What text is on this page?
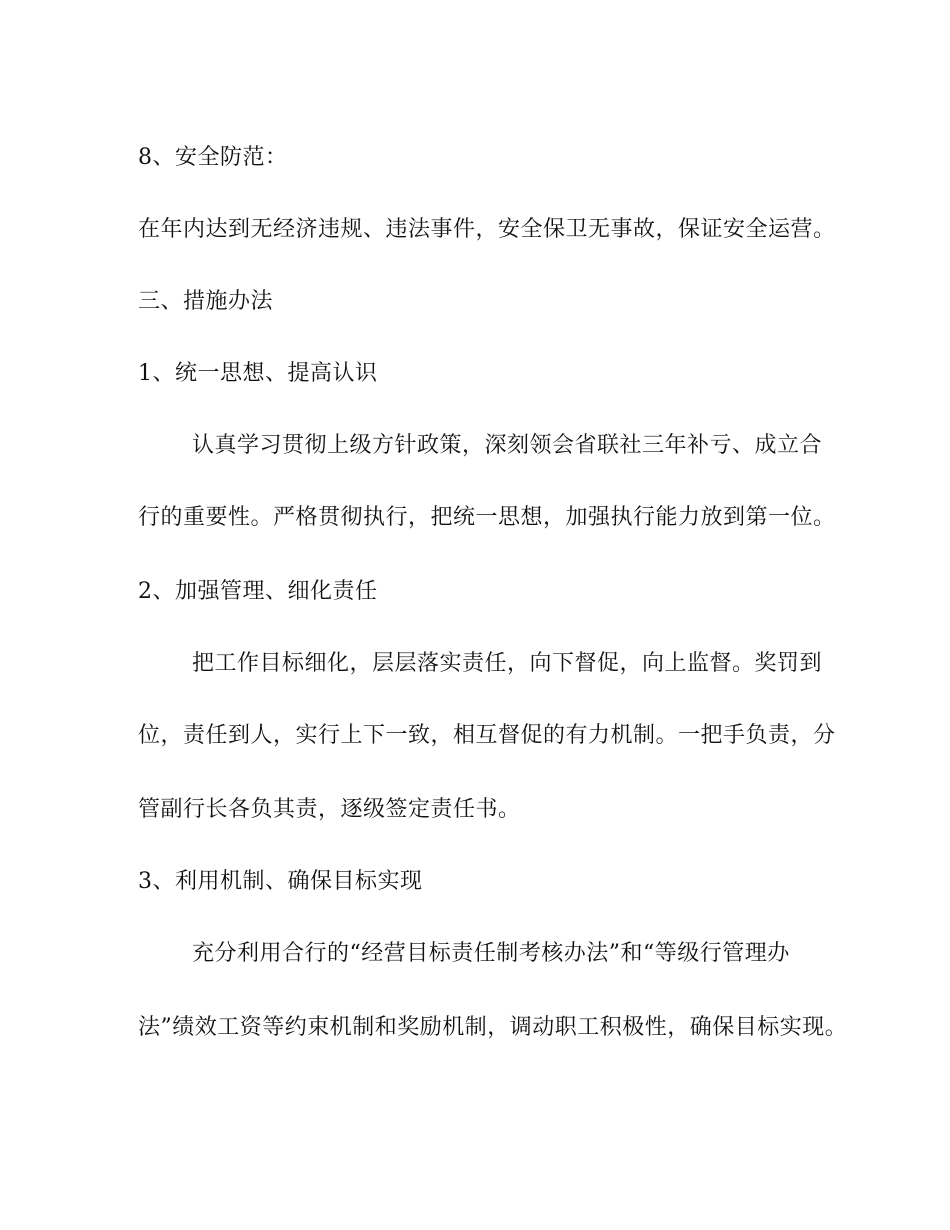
8、安全防范：
在年内达到无经济违规、违法事件，安全保卫无事故，保证安全运营。
三、措施办法
1、统一思想、提高认识
认真学习贯彻上级方针政策，深刻领会省联社三年补亏、成立合
行的重要性。严格贯彻执行，把统一思想，加强执行能力放到第一位。
2、加强管理、细化责任
把工作目标细化，层层落实责任，向下督促，向上监督。奖罚到
位，责任到人，实行上下一致，相互督促的有力机制。一把手负责，分
管副行长各负其责，逐级签定责任书。
3、利用机制、确保目标实现
充分利用合行的“经营目标责任制考核办法”和“等级行管理办
法”绩效工资等约束机制和奖励机制，调动职工积极性，确保目标实现。
